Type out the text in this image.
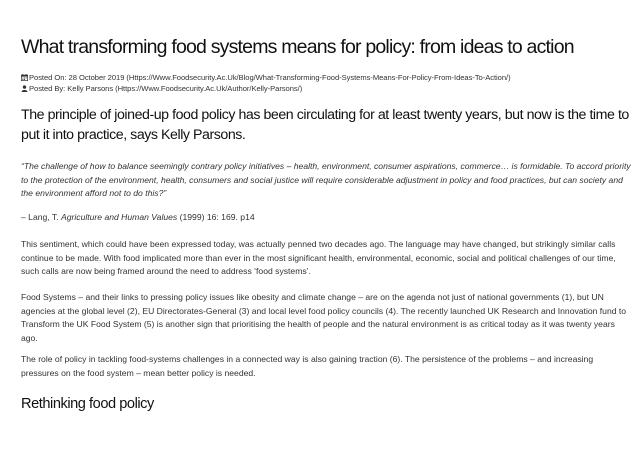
What transforming food systems means for policy: from ideas to action
Posted On: 28 October 2019 (Https://Www.Foodsecurity.Ac.Uk/Blog/What-Transforming-Food-Systems-Means-For-Policy-From-Ideas-To-Action/)
Posted By: Kelly Parsons (Https://Www.Foodsecurity.Ac.Uk/Author/Kelly-Parsons/)
The principle of joined-up food policy has been circulating for at least twenty years, but now is the time to put it into practice, says Kelly Parsons.
“The challenge of how to balance seemingly contrary policy initiatives – health, environment, consumer aspirations, commerce… is formidable. To accord priority to the protection of the environment, health, consumers and social justice will require considerable adjustment in policy and food practices, but can society and the environment afford not to do this?”
– Lang, T. Agriculture and Human Values (1999) 16: 169. p14
This sentiment, which could have been expressed today, was actually penned two decades ago. The language may have changed, but strikingly similar calls continue to be made. With food implicated more than ever in the most significant health, environmental, economic, social and political challenges of our time, such calls are now being framed around the need to address ‘food systems’.
Food Systems – and their links to pressing policy issues like obesity and climate change – are on the agenda not just of national governments (1), but UN agencies at the global level (2), EU Directorates-General (3) and local level food policy councils (4). The recently launched UK Research and Innovation fund to Transform the UK Food System (5) is another sign that prioritising the health of people and the natural environment is as critical today as it was twenty years ago.
The role of policy in tackling food-systems challenges in a connected way is also gaining traction (6). The persistence of the problems – and increasing pressures on the food system – mean better policy is needed.
Rethinking food policy
